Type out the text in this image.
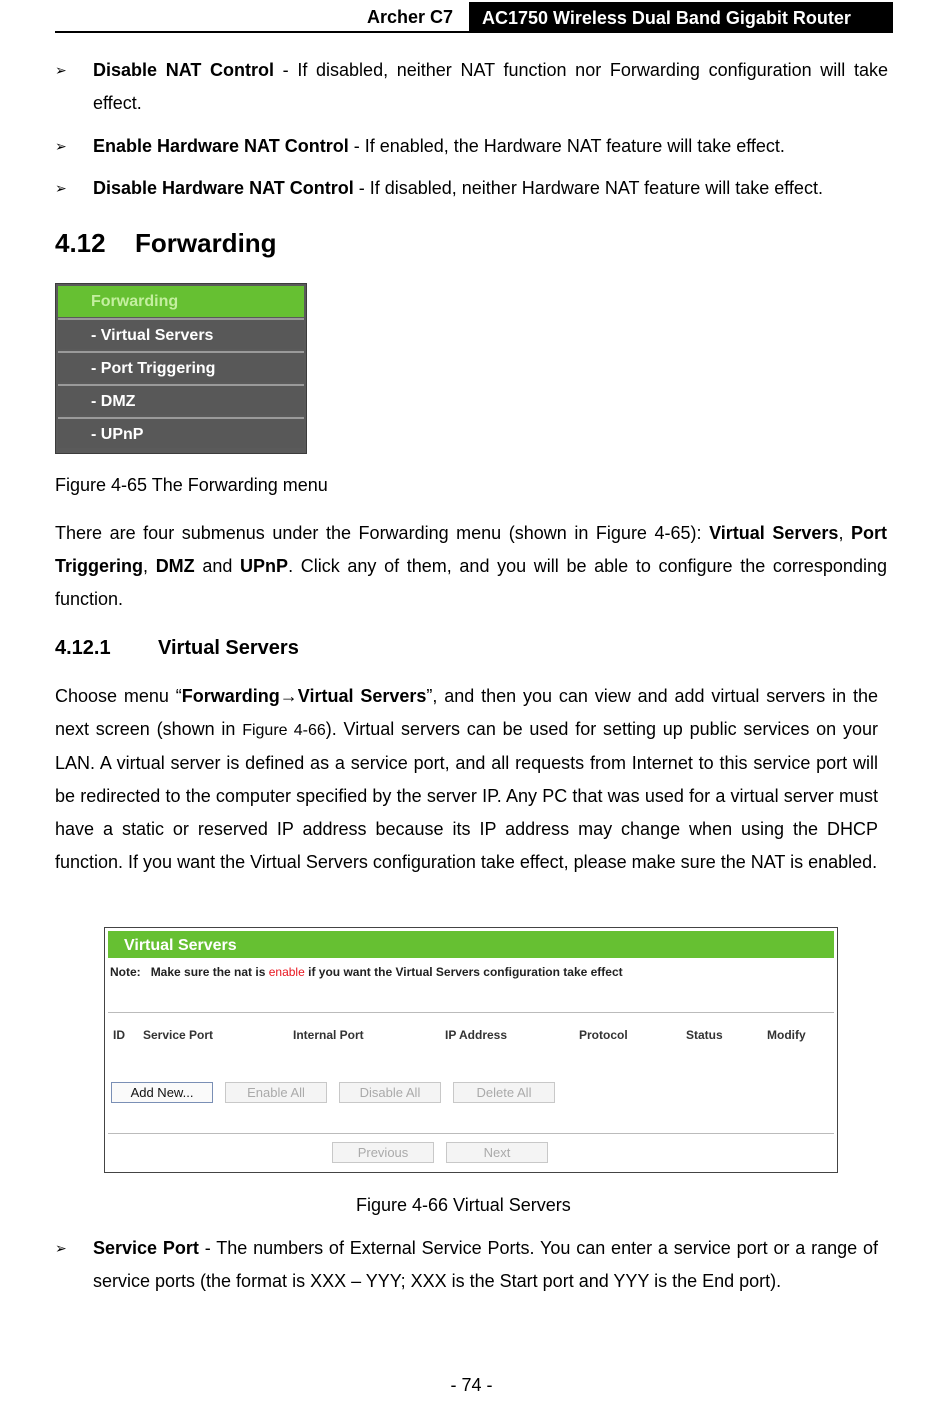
Archer C7	AC1750 Wireless Dual Band Gigabit Router
➢	Disable NAT Control - If disabled, neither NAT function nor Forwarding configuration will take effect.
➢	Enable Hardware NAT Control - If enabled, the Hardware NAT feature will take effect.
➢	Disable Hardware NAT Control - If disabled, neither Hardware NAT feature will take effect.
4.12 Forwarding
Forwarding
- Virtual Servers
- Port Triggering
- DMZ
- UPnP
Figure 4-65 The Forwarding menu
There are four submenus under the Forwarding menu (shown in Figure 4-65): Virtual Servers, Port Triggering, DMZ and UPnP. Click any of them, and you will be able to configure the corresponding function.
4.12.1 Virtual Servers
Choose menu “Forwarding→Virtual Servers”, and then you can view and add virtual servers in the next screen (shown in Figure 4-66). Virtual servers can be used for setting up public services on your LAN. A virtual server is defined as a service port, and all requests from Internet to this service port will be redirected to the computer specified by the server IP. Any PC that was used for a virtual server must have a static or reserved IP address because its IP address may change when using the DHCP function. If you want the Virtual Servers configuration take effect, please make sure the NAT is enabled.
Virtual Servers
Note: Make sure the nat is enable if you want the Virtual Servers configuration take effect
ID Service Port	Internal Port	IP Address	Protocol	Status	Modify
Add New...	Enable All	Disable All	Delete All
Previous	Next
Figure 4-66 Virtual Servers
➢	Service Port - The numbers of External Service Ports. You can enter a service port or a range of service ports (the format is XXX – YYY; XXX is the Start port and YYY is the End port).
- 74 -
